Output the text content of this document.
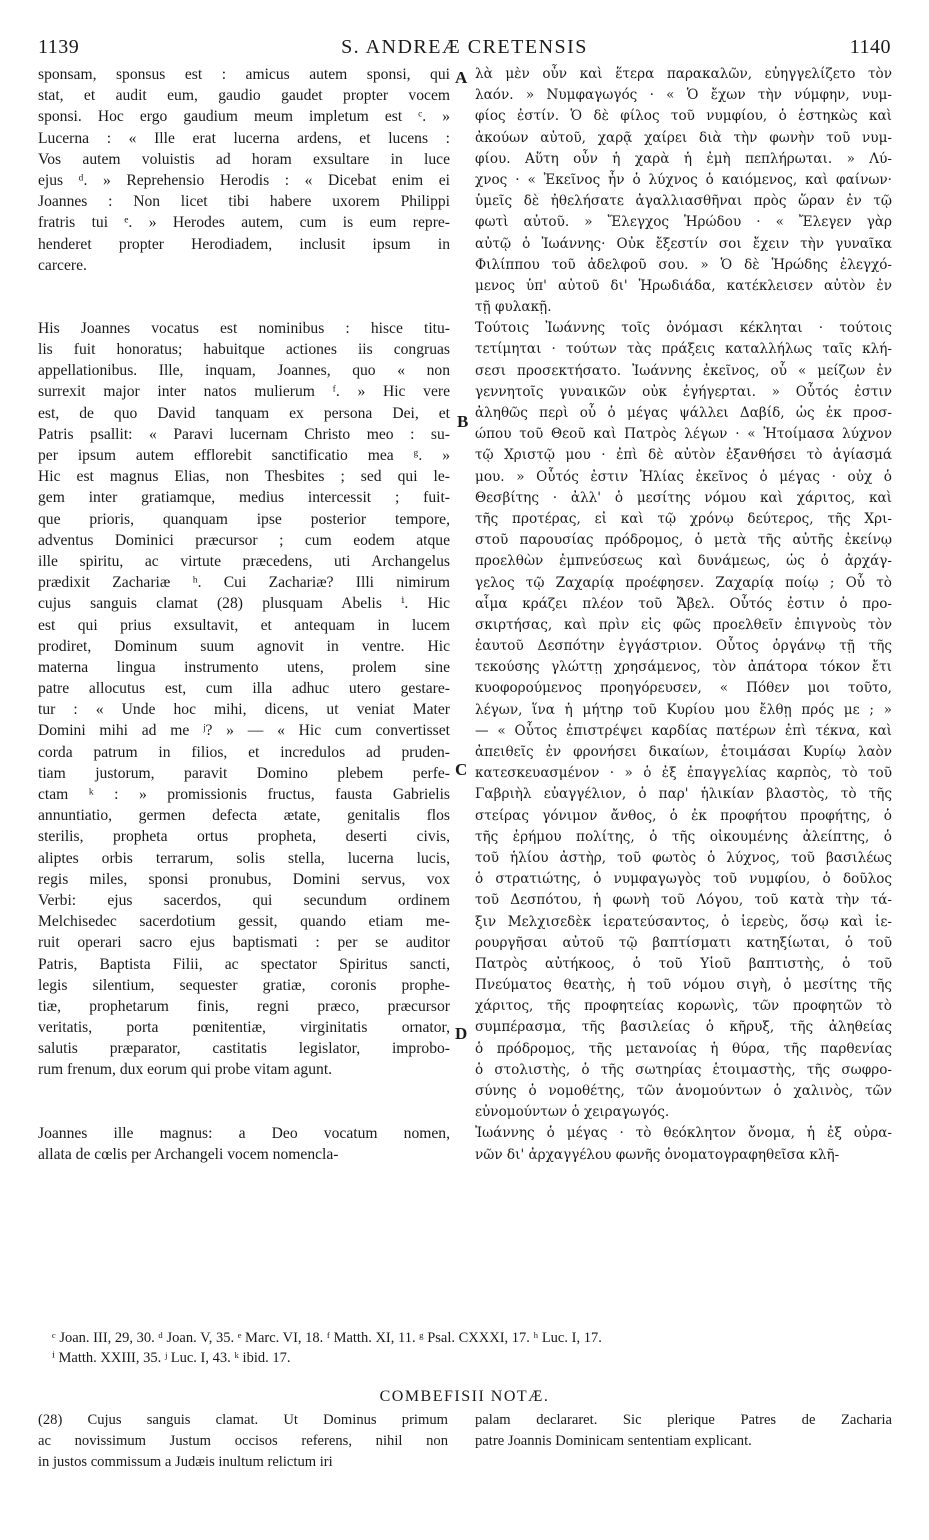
1139	S. ANDREÆ CRETENSIS	1140
sponsam, sponsus est : amicus autem sponsi, qui
stat, et audit eum, gaudio gaudet propter vocem
sponsi. Hoc ergo gaudium meum impletum est ᶜ. »
Lucerna : « Ille erat lucerna ardens, et lucens :
Vos autem voluistis ad horam exsultare in luce
ejus ᵈ. » Reprehensio Herodis : « Dicebat enim ei
Joannes : Non licet tibi habere uxorem Philippi
fratris tui ᵉ. » Herodes autem, cum is eum repre-
henderet propter Herodiadem, inclusit ipsum in
carcere.
His Joannes vocatus est nominibus : hisce titu-
lis fuit honoratus; habuitque actiones iis congruas
appellationibus. Ille, inquam, Joannes, quo « non
surrexit major inter natos mulierum ᶠ. » Hic vere
est, de quo David tanquam ex persona Dei, et
Patris psallit: « Paravi lucernam Christo meo : su-
per ipsum autem efflorebit sanctificatio mea ᵍ. »
Hic est magnus Elias, non Thesbites ; sed qui le-
gem inter gratiamque, medius intercessit ; fuit-
que prioris, quanquam ipse posterior tempore,
adventus Dominici præcursor ; cum eodem atque
ille spiritu, ac virtute præcedens, uti Archangelus
prædixit Zachariæ ʰ. Cui Zachariæ? Illi nimirum
cujus sanguis clamat (28) plusquam Abelis ⁱ. Hic
est qui prius exsultavit, et antequam in lucem
prodiret, Dominum suum agnovit in ventre. Hic
materna lingua instrumento utens, prolem sine
patre allocutus est, cum illa adhuc utero gestare-
tur : « Unde hoc mihi, dicens, ut veniat Mater
Domini mihi ad me ʲ? » — « Hic cum convertisset
corda patrum in filios, et incredulos ad pruden-
tiam justorum, paravit Domino plebem perfe-
ctam ᵏ : » promissionis fructus, fausta Gabrielis
annuntiatio, germen defecta ætate, genitalis flos
sterilis, propheta ortus propheta, deserti civis,
aliptes orbis terrarum, solis stella, lucerna lucis,
regis miles, sponsi pronubus, Domini servus, vox
Verbi: ejus sacerdos, qui secundum ordinem
Melchisedec sacerdotium gessit, quando etiam me-
ruit operari sacro ejus baptismati : per se auditor
Patris, Baptista Filii, ac spectator Spiritus sancti,
legis silentium, sequester gratiæ, coronis prophe-
tiæ, prophetarum finis, regni præco, præcursor
veritatis, porta pœnitentiæ, virginitatis ornator,
salutis præparator, castitatis legislator, improbo-
rum frenum, dux eorum qui probe vitam agunt.
Joannes ille magnus: a Deo vocatum nomen,
allata de cœlis per Archangeli vocem nomencla-
λὰ μὲν οὖν καὶ ἕτερα παρακαλῶν, εὐηγγελίζετο τὸν
λαόν. » Νυμφαγωγός · « Ὁ ἔχων τὴν νύμφην, νυμ-
φίος ἐστίν. Ὁ δὲ φίλος τοῦ νυμφίου, ὁ ἑστηκὼς καὶ
ἀκούων αὐτοῦ, χαρᾷ χαίρει διὰ τὴν φωνὴν τοῦ νυμ-
φίου. Αὕτη οὖν ἡ χαρὰ ἡ ἐμὴ πεπλήρωται. » Λύ-
χνος · « Ἐκεῖνος ἦν ὁ λύχνος ὁ καιόμενος, καὶ φαίνων·
ὑμεῖς δὲ ἠθελήσατε ἀγαλλιασθῆναι πρὸς ὥραν ἐν τῷ
φωτὶ αὐτοῦ. » Ἔλεγχος Ἡρώδου · « Ἔλεγεν γὰρ
αὐτῷ ὁ Ἰωάννης· Οὐκ ἔξεστίν σοι ἔχειν τὴν γυναῖκα
Φιλίππου τοῦ ἀδελφοῦ σου. » Ὁ δὲ Ἡρώδης ἐλεγχό-
μενος ὑπ' αὐτοῦ δι' Ἡρωδιάδα, κατέκλεισεν αὐτὸν ἐν
τῇ φυλακῇ.
Τούτοις Ἰωάννης τοῖς ὀνόμασι κέκληται · τούτοις
τετίμηται · τούτων τὰς πράξεις καταλλήλως ταῖς κλή-
σεσι προσεκτήσατο. Ἰωάννης ἐκεῖνος, οὗ « μείζων ἐν
γεννητοῖς γυναικῶν οὐκ ἐγήγερται. » Οὗτός ἐστιν
ἀληθῶς περὶ οὗ ὁ μέγας ψάλλει Δαβίδ, ὡς ἐκ προσ-
ώπου τοῦ Θεοῦ καὶ Πατρὸς λέγων · « Ἡτοίμασα λύχνον
τῷ Χριστῷ μου · ἐπὶ δὲ αὐτὸν ἐξανθήσει τὸ ἁγίασμά
μου. » Οὗτός ἐστιν Ἠλίας ἐκεῖνος ὁ μέγας · οὐχ ὁ
Θεσβίτης · ἀλλ' ὁ μεσίτης νόμου καὶ χάριτος, καὶ
τῆς προτέρας, εἰ καὶ τῷ χρόνῳ δεύτερος, τῆς Χρι-
στοῦ παρουσίας πρόδρομος, ὁ μετὰ τῆς αὐτῆς ἐκείνῳ
προελθὼν ἐμπνεύσεως καὶ δυνάμεως, ὡς ὁ ἀρχάγ-
γελος τῷ Ζαχαρίᾳ προέφησεν. Ζαχαρίᾳ ποίῳ ; Οὗ τὸ
αἷμα κράζει πλέον τοῦ Ἄβελ. Οὗτός ἐστιν ὁ προ-
σκιρτήσας, καὶ πρὶν εἰς φῶς προελθεῖν ἐπιγνοὺς τὸν
ἑαυτοῦ Δεσπότην ἐγγάστριον. Οὗτος ὀργάνῳ τῇ τῆς
τεκούσης γλώττῃ χρησάμενος, τὸν ἀπάτορα τόκον ἔτι
κυοφορούμενος προηγόρευσεν, « Πόθεν μοι τοῦτο,
λέγων, ἵνα ἡ μήτηρ τοῦ Κυρίου μου ἔλθῃ πρός με ; »
— « Οὗτος ἐπιστρέψει καρδίας πατέρων ἐπὶ τέκνα, καὶ
ἀπειθεῖς ἐν φρονήσει δικαίων, ἑτοιμάσαι Κυρίῳ λαὸν
κατεσκευασμένον · » ὁ ἐξ ἐπαγγελίας καρπὸς, τὸ τοῦ
Γαβριὴλ εὐαγγέλιον, ὁ παρ' ἡλικίαν βλαστὸς, τὸ τῆς
στείρας γόνιμον ἄνθος, ὁ ἐκ προφήτου προφήτης, ὁ
τῆς ἐρήμου πολίτης, ὁ τῆς οἰκουμένης ἀλείπτης, ὁ
τοῦ ἡλίου ἀστὴρ, τοῦ φωτὸς ὁ λύχνος, τοῦ βασιλέως
ὁ στρατιώτης, ὁ νυμφαγωγὸς τοῦ νυμφίου, ὁ δοῦλος
τοῦ Δεσπότου, ἡ φωνὴ τοῦ Λόγου, τοῦ κατὰ τὴν τά-
ξιν Μελχισεδὲκ ἱερατεύσαντος, ὁ ἱερεὺς, ὅσῳ καὶ ἱε-
ρουργῆσαι αὐτοῦ τῷ βαπτίσματι κατηξίωται, ὁ τοῦ
Πατρὸς αὐτήκοος, ὁ τοῦ Υἱοῦ βαπτιστὴς, ὁ τοῦ
Πνεύματος θεατὴς, ἡ τοῦ νόμου σιγὴ, ὁ μεσίτης τῆς
χάριτος, τῆς προφητείας κορωνὶς, τῶν προφητῶν τὸ
συμπέρασμα, τῆς βασιλείας ὁ κῆρυξ, τῆς ἀληθείας
ὁ πρόδρομος, τῆς μετανοίας ἡ θύρα, τῆς παρθενίας
ὁ στολιστὴς, ὁ τῆς σωτηρίας ἑτοιμαστὴς, τῆς σωφρο-
σύνης ὁ νομοθέτης, τῶν ἀνομούντων ὁ χαλινὸς, τῶν
εὐνομούντων ὁ χειραγωγός.
Ἰωάννης ὁ μέγας · τὸ θεόκλητον ὄνομα, ἡ ἐξ οὐρα-
νῶν δι' ἀρχαγγέλου φωνῆς ὀνοματογραφηθεῖσα κλῆ-
A
B
C
D
ᶜ Joan. III, 29, 30. ᵈ Joan. V, 35. ᵉ Marc. VI, 18. ᶠ Matth. XI, 11. ᵍ Psal. CXXXI, 17. ʰ Luc. I, 17.
ⁱ Matth. XXIII, 35. ʲ Luc. I, 43. ᵏ ibid. 17.
COMBEFISII NOTÆ.
(28) Cujus sanguis clamat. Ut Dominus primum
ac novissimum Justum occisos referens, nihil non
in justos commissum a Judæis inultum relictum iri
palam declararet. Sic plerique Patres de Zacharia
patre Joannis Dominicam sententiam explicant.
